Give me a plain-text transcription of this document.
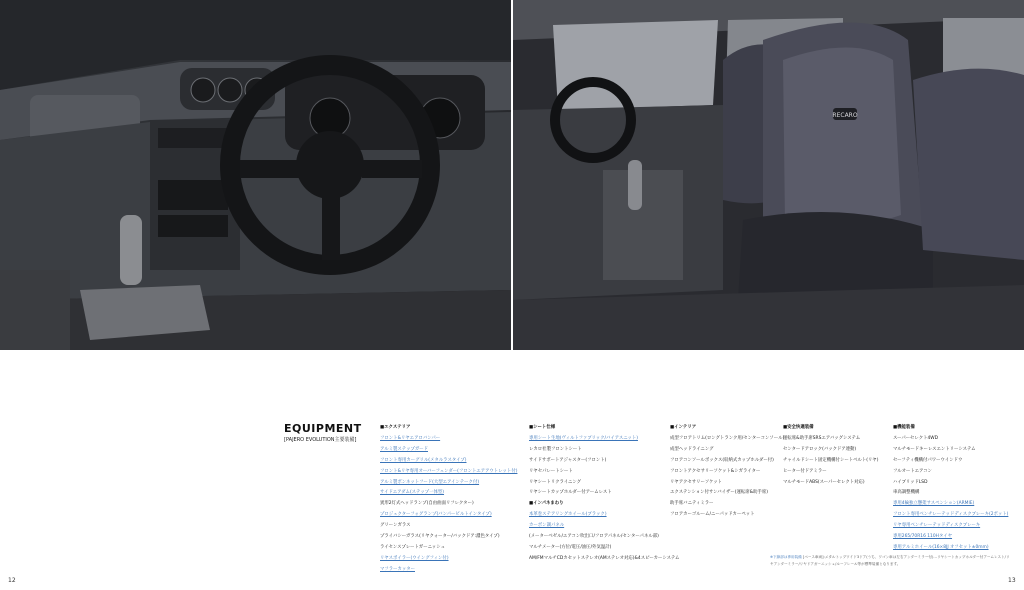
RECARO
EQUIPMENT
[PAJERO EVOLUTION主要装備]
■エクステリア
フロント&リヤエアロバンパー
アルミ製ステップガード
フロント専用カーグリル(メタルラスタイプ)
フロント&リヤ専用オーバーフェンダー(フロントエアアウトレット付)
アルミ製ボンネットフード(大型エアインテーク付)
サイドエアダム(ステップ一体型)
異形2灯式ヘッドランプ(自由曲面リフレクター)
プロジェクターフォグランプ(バンパービルトインタイプ)
グリーンガラス
プライバシーガラス(リヤクォーター/バックドア:濃色タイプ)
ライセンスプレートガーニッシュ
リヤスポイラー(ウイングフィン付)
マフラーカッター
■シート仕様
専用シート生地(ヴィルトファブリック/バイアスニット)
レカロ社製フロントシート
サイドサポートアジャスター(フロント)
リヤセパレートシート
リヤシートリクライニング
リヤシートカップホルダー付アームレスト
■インパネまわり
本革巻ステアリングホイール(ブラック)
カーボン調パネル
(メーターベゼル/エアコン吹出口/フロアパネル/センターパネル部)
マルチメーター(方位/電圧/油圧/外気温計)
AM/FMマルチCDカセットステレオ(AMステレオ対応)&4スピーカーシステム
■インテリア
成型フロアトリム(ロングトランク用/センターコンソール)
成型ヘッドライニング
フロアコンソールボックス(収納式カップホルダー付)
フロントアクセサリーソケット&シガライター
リヤアクセサリーソケット
エクステンション付サンバイザー(運転席&助手席)
助手席バニティミラー
フロアカーゴルーム/ニーパッドカーペット
■安全快適装備
運転席&助手席SRSエアバッグシステム
センタードアロック(バックドア連動)
チャイルドシート固定機構付シートベルト(リヤ)
ヒーター付ドアミラー
マルチモードABS(スーパーセレクト対応)
■機能装備
スーパーセレクト4WD
マルチモードキーレスエントリーシステム
セーフティ機構付パワーウインドウ
フルオートエアコン
ハイブリッドLSD
車高調整機構
専用4輪独立懸架サスペンション(ARMIE)
フロント専用ベンチレーテッドディスクブレーキ(2ポット)
リヤ専用ベンチレーテッドディスクブレーキ
専用265/70R16 110Hタイヤ
専用アルミホイール(16×8JJ オフセット±0mm)
※下線部は専用装備 [ベース車両]:メタルトップワイド3ドア(うち、ワゴン車は左右アンダーミラー付)…リヤシートカップホルダー付アームレスト/リヤアンダーミラー/リヤドアガーニッシュ/ルーフレール等が標準装備となります。
12	13
